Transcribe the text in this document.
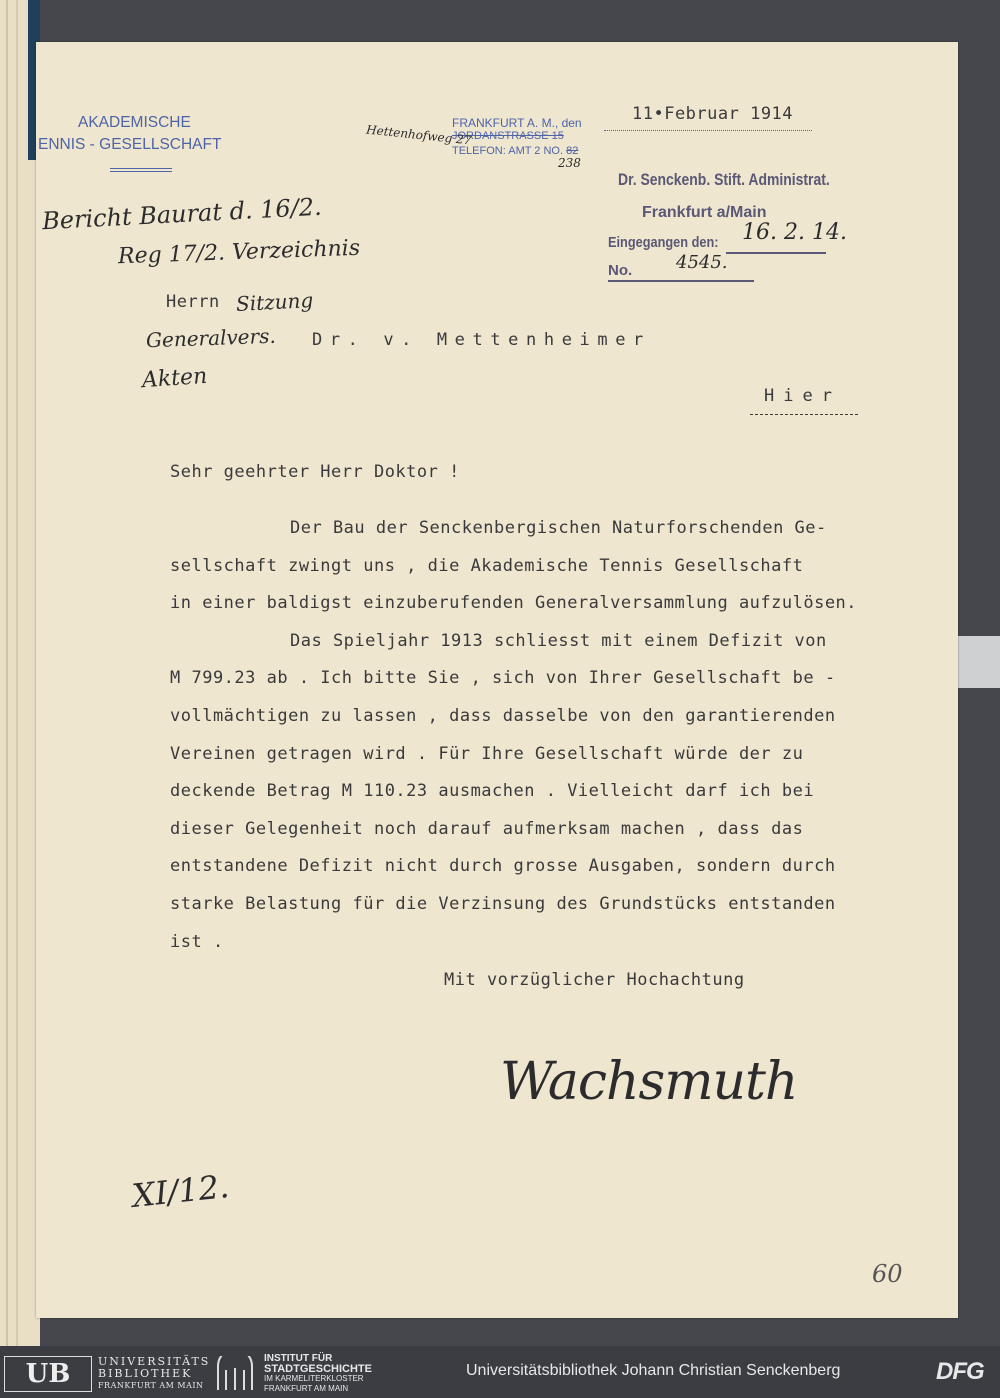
AKADEMISCHE
ENNIS - GESELLSCHAFT
FRANKFURT A. M., den	11•Februar 1914
JORDANSTRASSE 15
TELEFON: AMT 2 NO. 82
Hettenhofweg 27
238
Dr. Senckenb. Stift. Administrat.
Frankfurt a/Main
Eingegangen den: 16. 2. 14.
No. 4545.
Bericht Baurat d. 16/2.
Reg 17/2. Verzeichnis
Sitzung
Generalvers.
Akten
Herrn
Dr. v. Mettenheimer
Hier
Sehr geehrter Herr Doktor !
Der Bau der Senckenbergischen Naturforschenden Ge-
sellschaft zwingt uns , die Akademische Tennis Gesellschaft
in einer baldigst einzuberufenden Generalversammlung aufzulösen.
Das Spieljahr 1913 schliesst mit einem Defizit von
M 799.23 ab . Ich bitte Sie , sich von Ihrer Gesellschaft be -
vollmächtigen zu lassen , dass dasselbe von den garantierenden
Vereinen getragen wird . Für Ihre Gesellschaft würde der zu
deckende Betrag M 110.23 ausmachen . Vielleicht darf ich bei
dieser Gelegenheit noch darauf aufmerksam machen , dass das
entstandene Defizit nicht durch grosse Ausgaben, sondern durch
starke Belastung für die Verzinsung des Grundstücks entstanden
ist .
Mit vorzüglicher Hochachtung
Wachsmuth
XI/12.
60
UB	UNIVERSITÄTS
BIBLIOTHEK
FRANKFURT AM MAIN
INSTITUT FÜR
STADTGESCHICHTE
IM KARMELITERKLOSTER
FRANKFURT AM MAIN
Universitätsbibliothek Johann Christian Senckenberg	DFG
